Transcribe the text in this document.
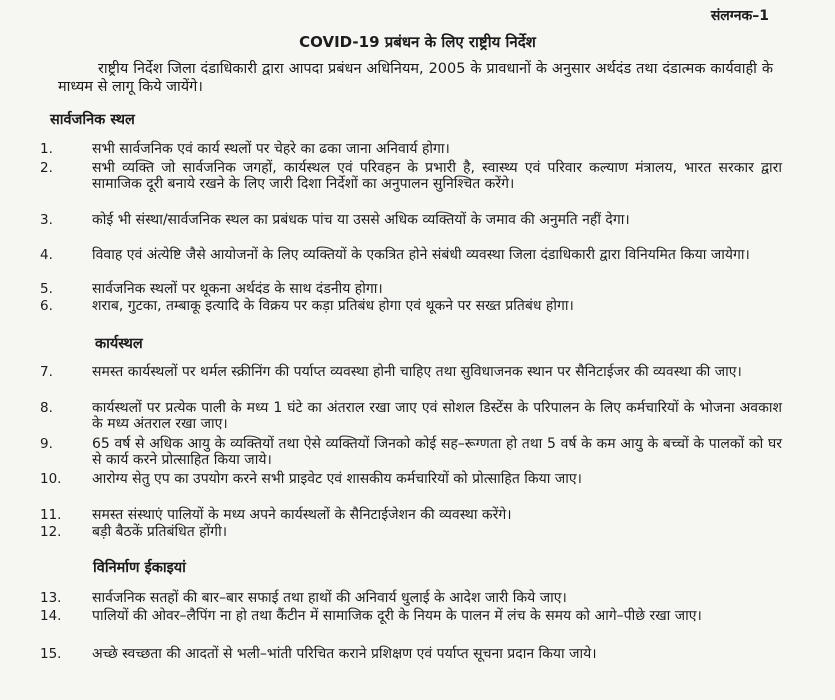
संलग्नक–1
COVID-19 प्रबंधन के लिए राष्ट्रीय निर्देश
राष्ट्रीय निर्देश जिला दंडाधिकारी द्वारा आपदा प्रबंधन अधिनियम, 2005 के प्रावधानों के अनुसार अर्थदंड तथा दंडात्मक कार्यवाही के माध्यम से लागू किये जायेंगे।
सार्वजनिक स्थल
1.	सभी सार्वजनिक एवं कार्य स्थलों पर चेहरे का ढका जाना अनिवार्य होगा।
2.	सभी व्यक्ति जो सार्वजनिक जगहों, कार्यस्थल एवं परिवहन के प्रभारी है, स्वास्थ्य एवं परिवार कल्याण मंत्रालय, भारत सरकार द्वारा सामाजिक दूरी बनाये रखने के लिए जारी दिशा निर्देशों का अनुपालन सुनिश्चित करेंगे।
3.	कोई भी संस्था/सार्वजनिक स्थल का प्रबंधक पांच या उससे अधिक व्यक्तियों के जमाव की अनुमति नहीं देगा।
4.	विवाह एवं अंत्येष्टि जैसे आयोजनों के लिए व्यक्तियों के एकत्रित होने संबंधी व्यवस्था जिला दंडाधिकारी द्वारा विनियमित किया जायेगा।
5.	सार्वजनिक स्थलों पर थूकना अर्थदंड के साथ दंडनीय होगा।
6.	शराब, गुटका, तम्बाकू इत्यादि के विक्रय पर कड़ा प्रतिबंध होगा एवं थूकने पर सख्त प्रतिबंध होगा।
कार्यस्थल
7.	समस्त कार्यस्थलों पर थर्मल स्क्रीनिंग की पर्याप्त व्यवस्था होनी चाहिए तथा सुविधाजनक स्थान पर सैनिटाईजर की व्यवस्था की जाए।
8.	कार्यस्थलों पर प्रत्येक पाली के मध्य 1 घंटे का अंतराल रखा जाए एवं सोशल डिस्टेंस के परिपालन के लिए कर्मचारियों के भोजना अवकाश के मध्य अंतराल रखा जाए।
9.	65 वर्ष से अधिक आयु के व्यक्तियों तथा ऐसे व्यक्तियों जिनको कोई सह–रूग्णता हो तथा 5 वर्ष के कम आयु के बच्चों के पालकों को घर से कार्य करने प्रोत्साहित किया जाये।
10.	आरोग्य सेतु एप का उपयोग करने सभी प्राइवेट एवं शासकीय कर्मचारियों को प्रोत्साहित किया जाए।
11.	समस्त संस्थाएं पालियों के मध्य अपने कार्यस्थलों के सैनिटाईजेशन की व्यवस्था करेंगे।
12.	बड़ी बैठकें प्रतिबंधित होंगी।
विनिर्माण ईकाइयां
13.	सार्वजनिक सतहों की बार–बार सफाई तथा हाथों की अनिवार्य धुलाई के आदेश जारी किये जाए।
14.	पालियों की ओवर–लैपिंग ना हो तथा कैंटीन में सामाजिक दूरी के नियम के पालन में लंच के समय को आगे–पीछे रखा जाए।
15.	अच्छे स्वच्छता की आदतों से भली–भांती परिचित कराने प्रशिक्षण एवं पर्याप्त सूचना प्रदान किया जाये।
